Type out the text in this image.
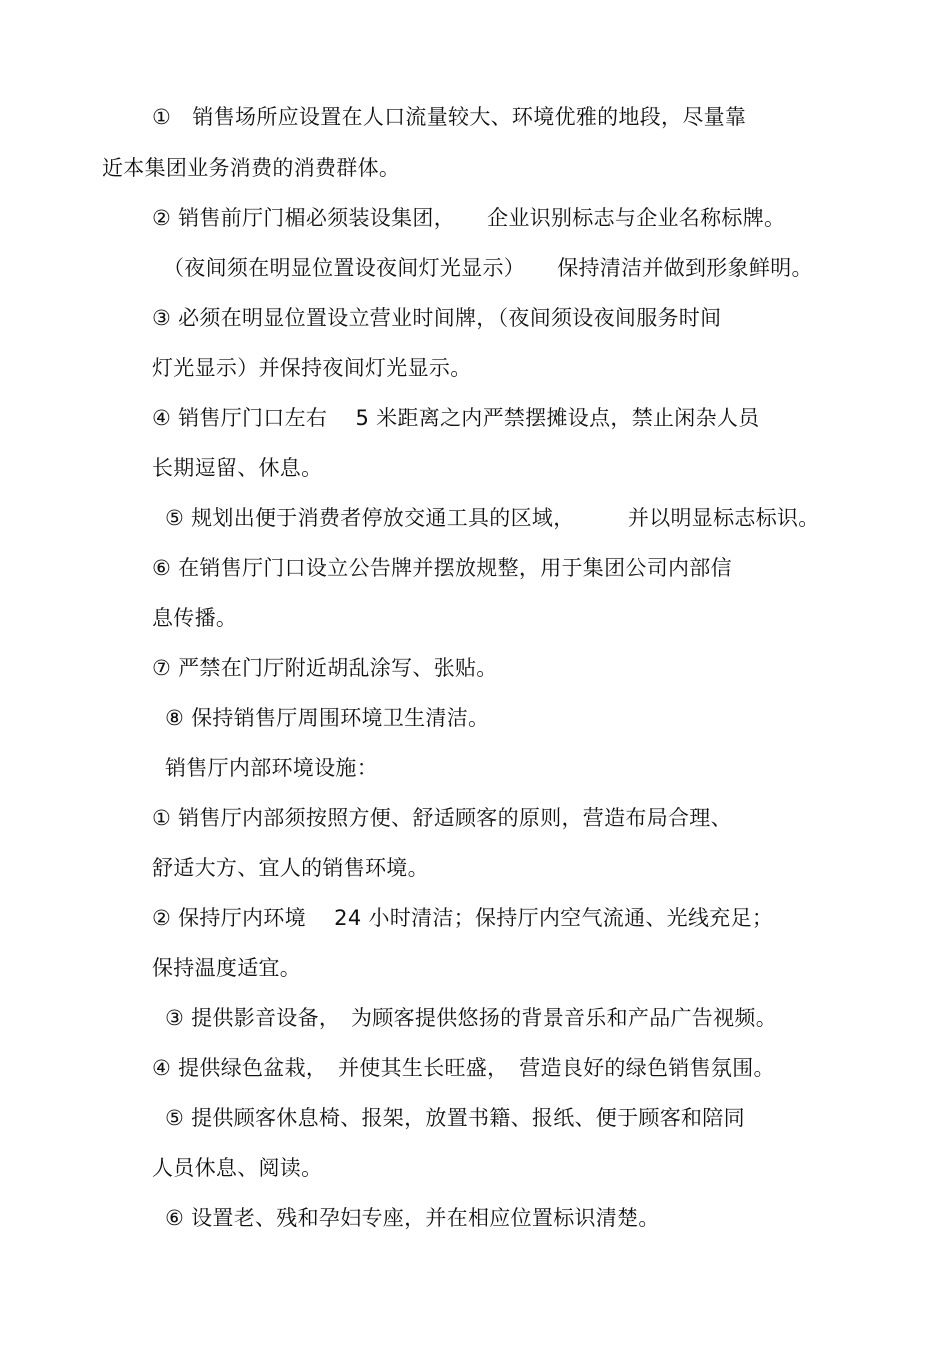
①　销售场所应设置在人口流量较大、环境优雅的地段，尽量靠
近本集团业务消费的消费群体。
② 销售前厅门楣必须装设集团，　　企业识别标志与企业名称标牌。
（夜间须在明显位置设夜间灯光显示）　　保持清洁并做到形象鲜明。
③ 必须在明显位置设立营业时间牌，（夜间须设夜间服务时间
灯光显示）并保持夜间灯光显示。
④ 销售厅门口左右　 5 米距离之内严禁摆摊设点，禁止闲杂人员
长期逗留、休息。
⑤ 规划出便于消费者停放交通工具的区域，　　　并以明显标志标识。
⑥ 在销售厅门口设立公告牌并摆放规整，用于集团公司内部信
息传播。
⑦ 严禁在门厅附近胡乱涂写、张贴。
⑧ 保持销售厅周围环境卫生清洁。
销售厅内部环境设施：
① 销售厅内部须按照方便、舒适顾客的原则，营造布局合理、
舒适大方、宜人的销售环境。
② 保持厅内环境　 24 小时清洁；保持厅内空气流通、光线充足；
保持温度适宜。
③ 提供影音设备，　为顾客提供悠扬的背景音乐和产品广告视频。
④ 提供绿色盆栽，　并使其生长旺盛，　营造良好的绿色销售氛围。
⑤ 提供顾客休息椅、报架，放置书籍、报纸、便于顾客和陪同
人员休息、阅读。
⑥ 设置老、残和孕妇专座，并在相应位置标识清楚。
